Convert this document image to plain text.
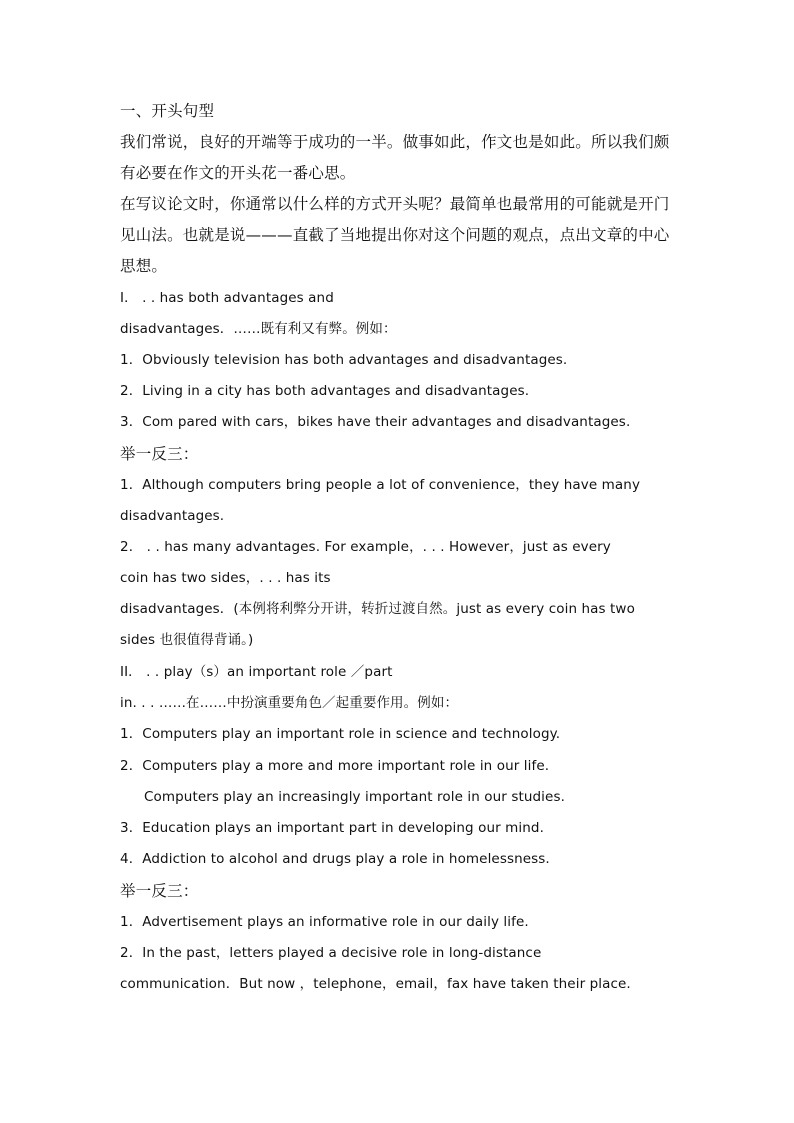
一、开头句型
我们常说，良好的开端等于成功的一半。做事如此，作文也是如此。所以我们颇
有必要在作文的开头花一番心思。
在写议论文时，你通常以什么样的方式开头呢？最简单也最常用的可能就是开门
见山法。也就是说———直截了当地提出你对这个问题的观点，点出文章的中心
思想。
I． . . has both advantages and
disadvantages．……既有利又有弊。例如：
1．Obviously television has both advantages and disadvantages.
2．Living in a city has both advantages and disadvantages.
3．Com pared with cars，bikes have their advantages and disadvantages.
举一反三：
1．Although computers bring people a lot of convenience，they have many
disadvantages.
2． . . has many advantages. For example，. . . However，just as every
coin has two sides，. . . has its
disadvantages．(本例将利弊分开讲，转折过渡自然。just as every coin has two
sides 也很值得背诵。)
II． . . play（s）an important role ／part
in. . . ……在……中扮演重要角色／起重要作用。例如：
1．Computers play an important role in science and technology.
2．Computers play a more and more important role in our life.
Computers play an increasingly important role in our studies.
3．Education plays an important part in developing our mind.
4．Addiction to alcohol and drugs play a role in homelessness.
举一反三：
1．Advertisement plays an informative role in our daily life.
2．In the past，letters played a decisive role in long-distance
communication．But now ，telephone，email，fax have taken their place.
